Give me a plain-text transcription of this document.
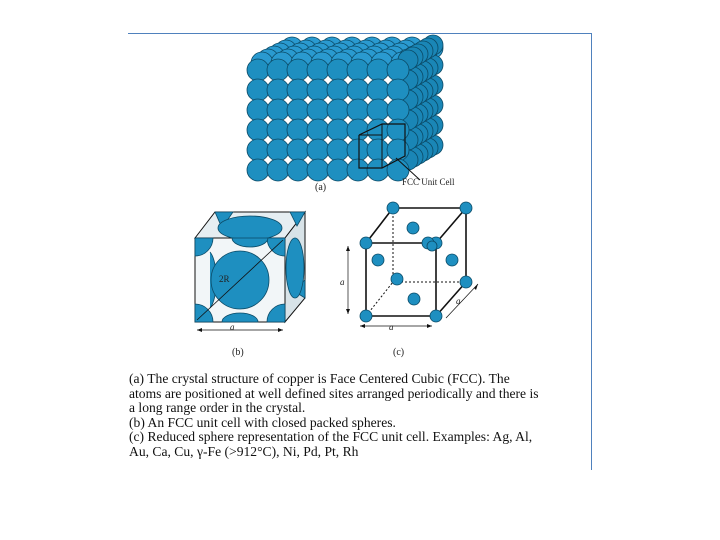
FCC Unit Cell
(a)
2R
a
(b)
a
a
a
(c)
(a) The crystal structure of copper is Face Centered Cubic (FCC). The
atoms are positioned at well defined sites arranged periodically and there is
a long range order in the crystal.
(b) An FCC unit cell with closed packed spheres.
(c) Reduced sphere representation of the FCC unit cell. Examples: Ag, Al,
Au, Ca, Cu, γ-Fe (>912°C), Ni, Pd, Pt, Rh
